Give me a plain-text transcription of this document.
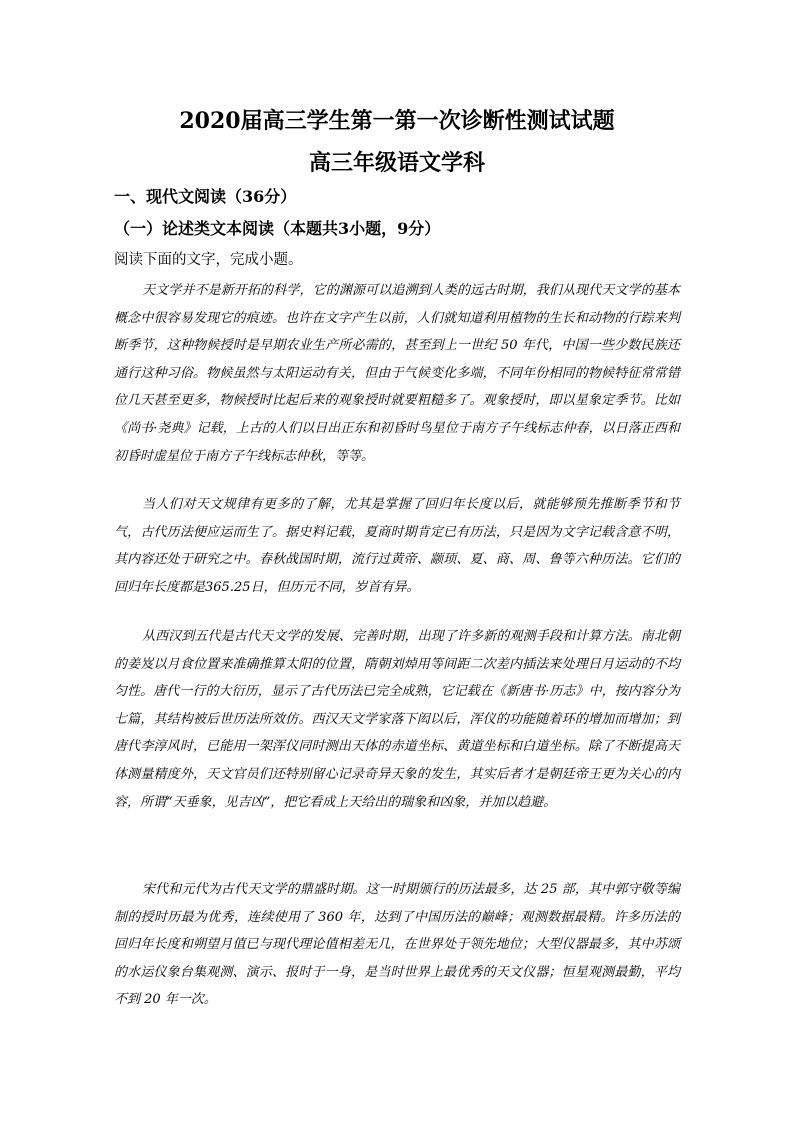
2020届高三学生第一第一次诊断性测试试题
高三年级语文学科
一、现代文阅读（36分）
（一）论述类文本阅读（本题共3小题，9分）
阅读下面的文字，完成小题。
天文学并不是新开拓的科学，它的渊源可以追溯到人类的远古时期，我们从现代天文学的基本概念中很容易发现它的痕迹。也许在文字产生以前，人们就知道利用植物的生长和动物的行踪来判断季节，这种物候授时是早期农业生产所必需的，甚至到上一世纪 50 年代，中国一些少数民族还通行这种习俗。物候虽然与太阳运动有关，但由于气候变化多端，不同年份相同的物候特征常常错位几天甚至更多，物候授时比起后来的观象授时就要粗糙多了。观象授时，即以星象定季节。比如《尚书·尧典》记载，上古的人们以日出正东和初昏时鸟星位于南方子午线标志仲春，以日落正西和初昏时虚星位于南方子午线标志仲秋，等等。
当人们对天文规律有更多的了解，尤其是掌握了回归年长度以后，就能够预先推断季节和节气，古代历法便应运而生了。据史料记载，夏商时期肯定已有历法，只是因为文字记载含意不明，其内容还处于研究之中。春秋战国时期，流行过黄帝、颛顼、夏、商、周、鲁等六种历法。它们的回归年长度都是365.25日，但历元不同，岁首有异。
从西汉到五代是古代天文学的发展、完善时期，出现了许多新的观测手段和计算方法。南北朝的姜岌以月食位置来准确推算太阳的位置，隋朝刘焯用等间距二次差内插法来处理日月运动的不均匀性。唐代一行的大衍历，显示了古代历法已完全成熟，它记载在《新唐书·历志》中，按内容分为七篇，其结构被后世历法所效仿。西汉天文学家落下闳以后，浑仪的功能随着环的增加而增加；到唐代李淳风时，已能用一架浑仪同时测出天体的赤道坐标、黄道坐标和白道坐标。除了不断提高天体测量精度外，天文官员们还特别留心记录奇异天象的发生，其实后者才是朝廷帝王更为关心的内容，所谓“天垂象，见吉凶”，把它看成上天给出的瑞象和凶象，并加以趋避。
宋代和元代为古代天文学的鼎盛时期。这一时期颁行的历法最多，达 25 部，其中郭守敬等编制的授时历最为优秀，连续使用了 360 年，达到了中国历法的巅峰；观测数据最精。许多历法的回归年长度和朔望月值已与现代理论值相差无几，在世界处于领先地位；大型仪器最多，其中苏颂的水运仪象台集观测、演示、报时于一身，是当时世界上最优秀的天文仪器；恒星观测最勤，平均不到 20 年一次。
